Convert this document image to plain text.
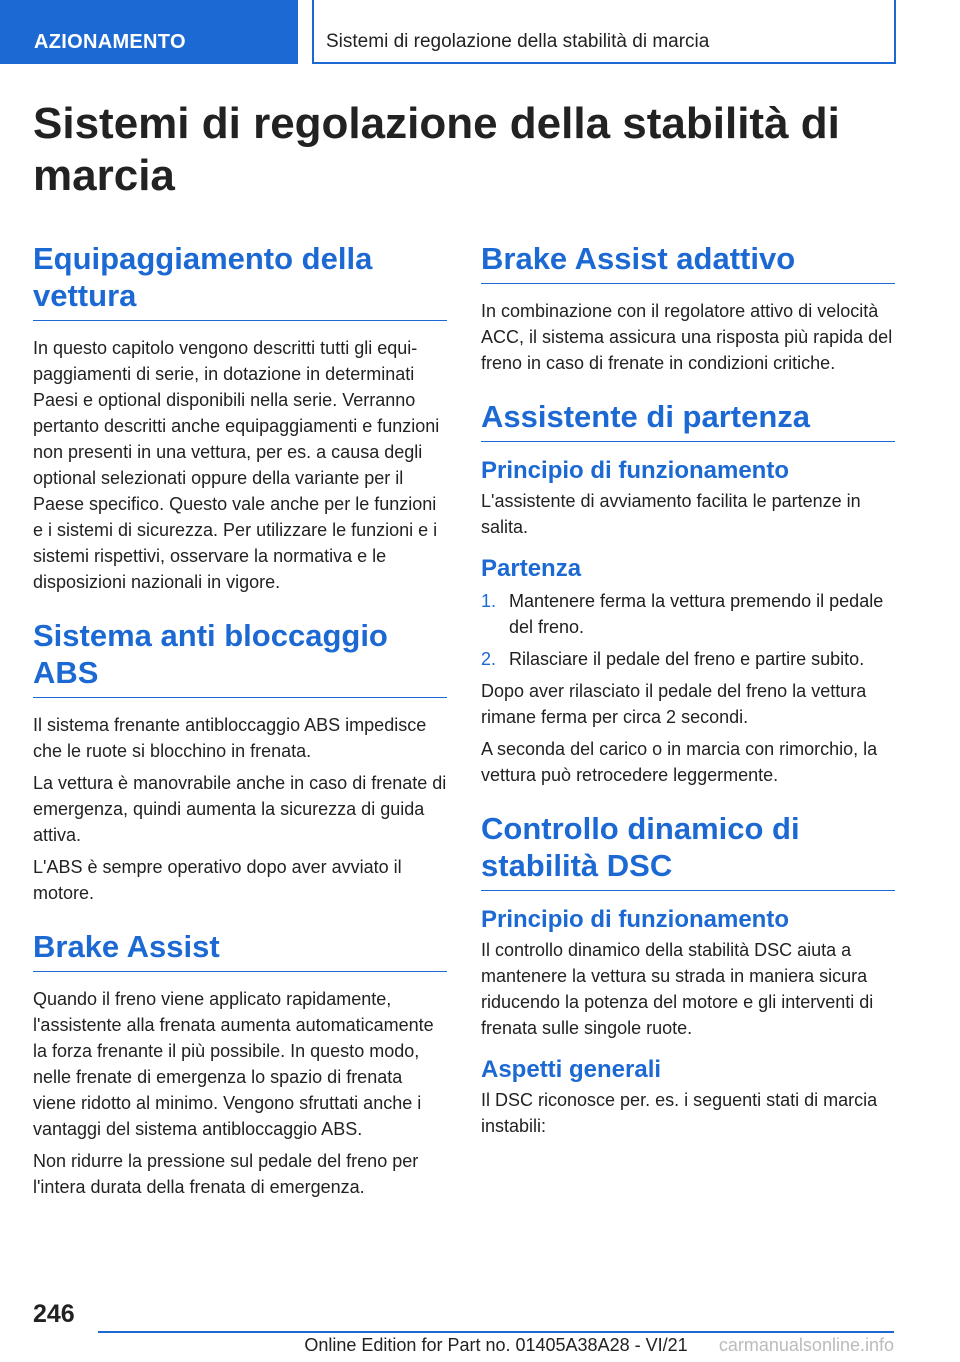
AZIONAMENTO	Sistemi di regolazione della stabilità di marcia
Sistemi di regolazione della stabilità di marcia
Equipaggiamento della vettura

In questo capitolo vengono descritti tutti gli equipaggiamenti di serie, in dotazione in determinati Paesi e optional disponibili nella serie. Verranno pertanto descritti anche equipaggiamenti e funzioni non presenti in una vettura, per es. a causa degli optional selezionati oppure della variante per il Paese specifico. Questo vale anche per le funzioni e i sistemi di sicurezza. Per utilizzare le funzioni e i sistemi rispettivi, osservare la normativa e le disposizioni nazionali in vigore.

Sistema anti bloccaggio ABS

Il sistema frenante antibloccaggio ABS impedisce che le ruote si blocchino in frenata.

La vettura è manovrabile anche in caso di frenate di emergenza, quindi aumenta la sicurezza di guida attiva.

L'ABS è sempre operativo dopo aver avviato il motore.

Brake Assist

Quando il freno viene applicato rapidamente, l'assistente alla frenata aumenta automaticamente la forza frenante il più possibile. In questo modo, nelle frenate di emergenza lo spazio di frenata viene ridotto al minimo. Vengono sfruttati anche i vantaggi del sistema antibloccaggio ABS.

Non ridurre la pressione sul pedale del freno per l'intera durata della frenata di emergenza.

Brake Assist adattivo

In combinazione con il regolatore attivo di velocità ACC, il sistema assicura una risposta più rapida del freno in caso di frenate in condizioni critiche.

Assistente di partenza
Principio di funzionamento

L'assistente di avviamento facilita le partenze in salita.

Partenza
1. Mantenere ferma la vettura premendo il pedale del freno.
2. Rilasciare il pedale del freno e partire subito.

Dopo aver rilasciato il pedale del freno la vettura rimane ferma per circa 2 secondi.

A seconda del carico o in marcia con rimorchio, la vettura può retrocedere leggermente.

Controllo dinamico di stabilità DSC
Principio di funzionamento

Il controllo dinamico della stabilità DSC aiuta a mantenere la vettura su strada in maniera sicura riducendo la potenza del motore e gli interventi di frenata sulle singole ruote.

Aspetti generali

Il DSC riconosce per. es. i seguenti stati di marcia instabili:

246
Online Edition for Part no. 01405A38A28 - VI/21	carmanualsonline.info
